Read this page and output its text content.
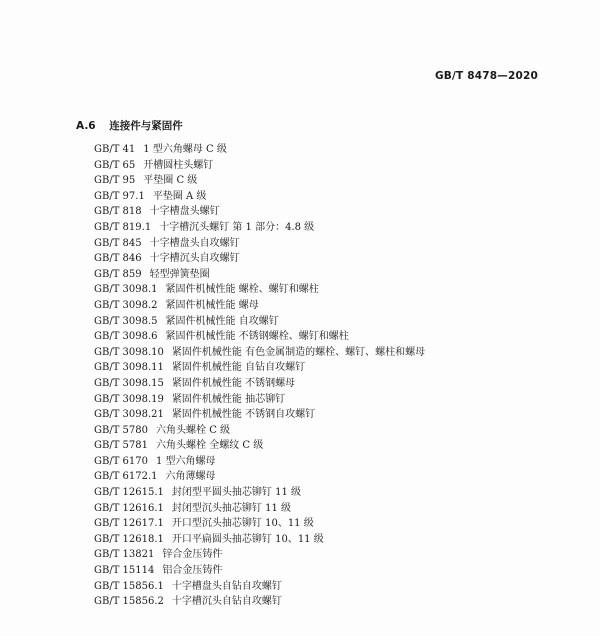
GB/T 8478—2020
A.6 连接件与紧固件
GB/T 41 1 型六角螺母 C 级
GB/T 65 开槽圆柱头螺钉
GB/T 95 平垫圈 C 级
GB/T 97.1 平垫圈 A 级
GB/T 818 十字槽盘头螺钉
GB/T 819.1 十字槽沉头螺钉 第 1 部分：4.8 级
GB/T 845 十字槽盘头自攻螺钉
GB/T 846 十字槽沉头自攻螺钉
GB/T 859 轻型弹簧垫圈
GB/T 3098.1 紧固件机械性能 螺栓、螺钉和螺柱
GB/T 3098.2 紧固件机械性能 螺母
GB/T 3098.5 紧固件机械性能 自攻螺钉
GB/T 3098.6 紧固件机械性能 不锈钢螺栓、螺钉和螺柱
GB/T 3098.10 紧固件机械性能 有色金属制造的螺栓、螺钉、螺柱和螺母
GB/T 3098.11 紧固件机械性能 自钻自攻螺钉
GB/T 3098.15 紧固件机械性能 不锈钢螺母
GB/T 3098.19 紧固件机械性能 抽芯铆钉
GB/T 3098.21 紧固件机械性能 不锈钢自攻螺钉
GB/T 5780 六角头螺栓 C 级
GB/T 5781 六角头螺栓 全螺纹 C 级
GB/T 6170 1 型六角螺母
GB/T 6172.1 六角薄螺母
GB/T 12615.1 封闭型平圆头抽芯铆钉 11 级
GB/T 12616.1 封闭型沉头抽芯铆钉 11 级
GB/T 12617.1 开口型沉头抽芯铆钉 10、11 级
GB/T 12618.1 开口平扁圆头抽芯铆钉 10、11 级
GB/T 13821 锌合金压铸件
GB/T 15114 铝合金压铸件
GB/T 15856.1 十字槽盘头自钻自攻螺钉
GB/T 15856.2 十字槽沉头自钻自攻螺钉
